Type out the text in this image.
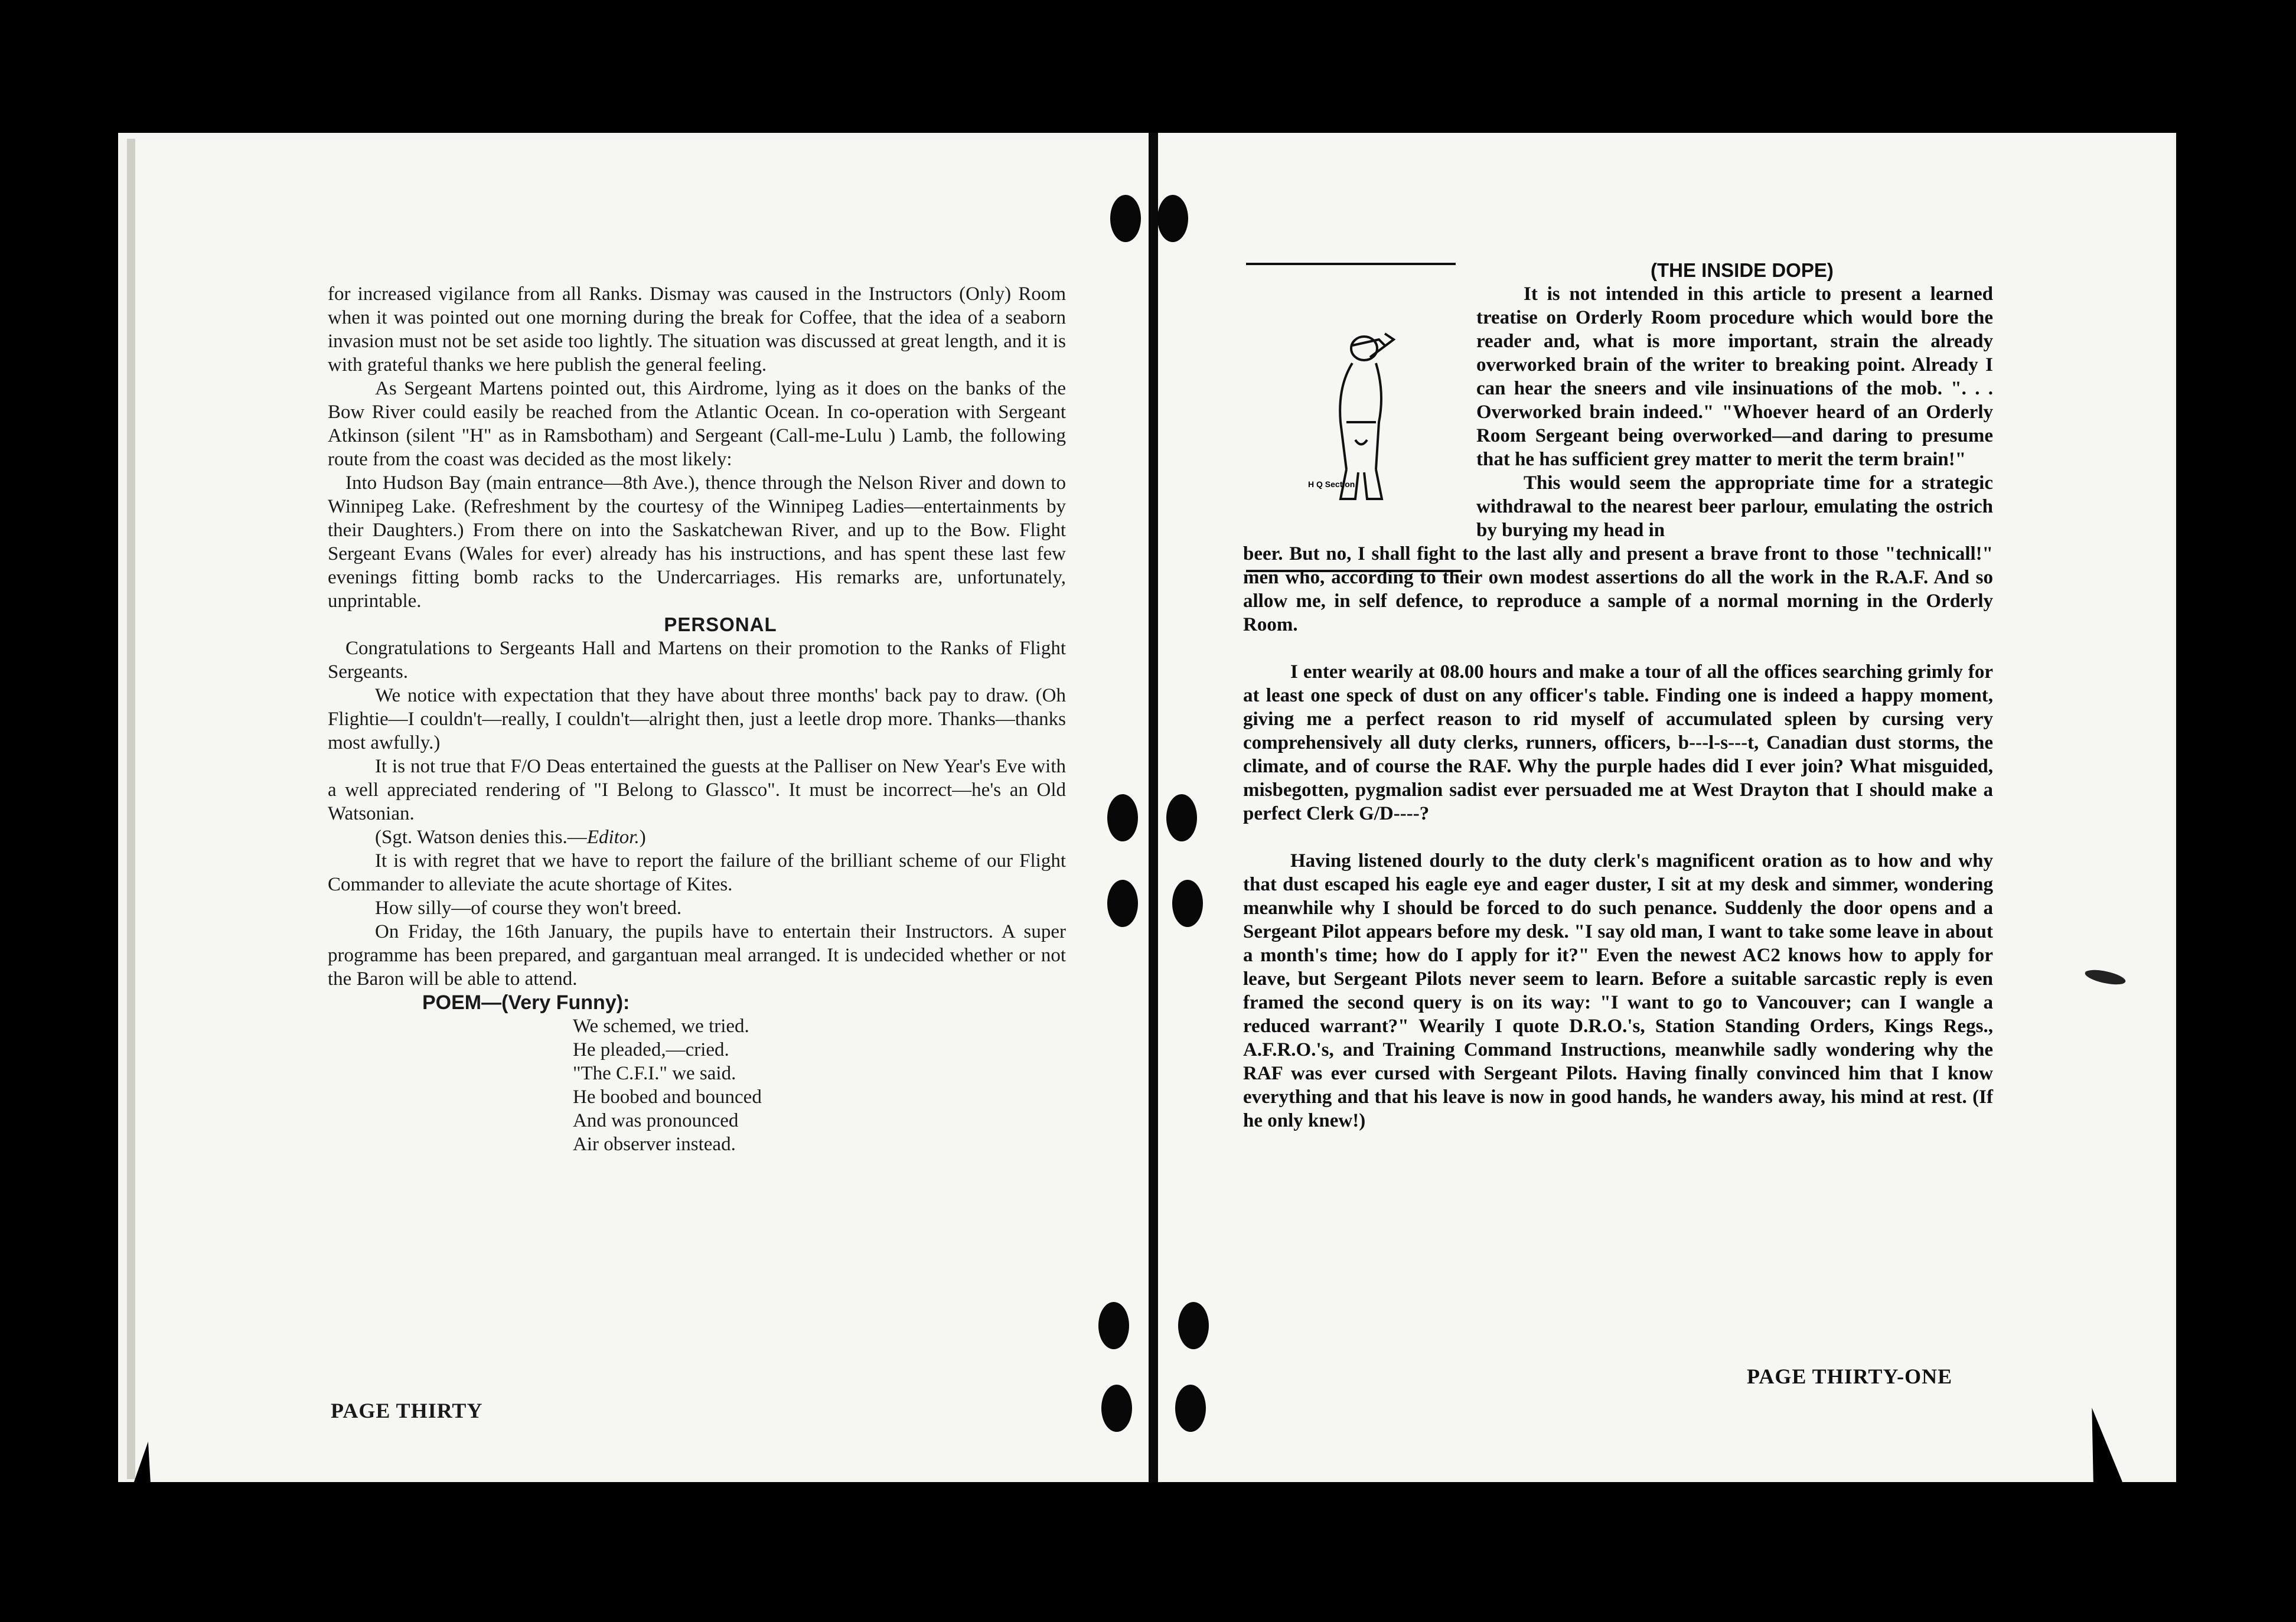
for increased vigilance from all Ranks. Dismay was caused in the Instructors (Only) Room when it was pointed out one morning during the break for Coffee, that the idea of a seaborn invasion must not be set aside too lightly. The situation was discussed at great length, and it is with grateful thanks we here publish the general feeling.

As Sergeant Martens pointed out, this Airdrome, lying as it does on the banks of the Bow River could easily be reached from the Atlantic Ocean. In co-operation with Sergeant Atkinson (silent "H" as in Ramsbotham) and Sergeant (Call-me-Lulu ) Lamb, the following route from the coast was decided as the most likely:

Into Hudson Bay (main entrance—8th Ave.), thence through the Nelson River and down to Winnipeg Lake. (Refreshment by the courtesy of the Winnipeg Ladies—entertainments by their Daughters.) From there on into the Saskatchewan River, and up to the Bow. Flight Sergeant Evans (Wales for ever) already has his instructions, and has spent these last few evenings fitting bomb racks to the Undercarriages. His remarks are, unfortunately, unprintable.

PERSONAL

Congratulations to Sergeants Hall and Martens on their promotion to the Ranks of Flight Sergeants.

We notice with expectation that they have about three months' back pay to draw. (Oh Flightie—I couldn't—really, I couldn't—alright then, just a leetle drop more. Thanks—thanks most awfully.)

It is not true that F/O Deas entertained the guests at the Palliser on New Year's Eve with a well appreciated rendering of "I Belong to Glassco". It must be incorrect—he's an Old Watsonian.

(Sgt. Watson denies this.—Editor.)

It is with regret that we have to report the failure of the brilliant scheme of our Flight Commander to alleviate the acute shortage of Kites.

How silly—of course they won't breed.

On Friday, the 16th January, the pupils have to entertain their Instructors. A super programme has been prepared, and gargantuan meal arranged. It is undecided whether or not the Baron will be able to attend.

POEM—(Very Funny):

We schemed, we tried.
He pleaded,—cried.
"The C.F.I." we said.
He boobed and bounced
And was pronounced
Air observer instead.
PAGE THIRTY
H Q Section

(THE INSIDE DOPE)

It is not intended in this article to present a learned treatise on Orderly Room procedure which would bore the reader and, what is more important, strain the already overworked brain of the writer to breaking point. Already I can hear the sneers and vile insinuations of the mob. ". . . Overworked brain indeed." "Whoever heard of an Orderly Room Sergeant being overworked—and daring to presume that he has sufficient grey matter to merit the term brain!"

This would seem the appropriate time for a strategic withdrawal to the nearest beer parlour, emulating the ostrich by burying my head in

beer. But no, I shall fight to the last ally and present a brave front to those "technicall!" men who, according to their own modest assertions do all the work in the R.A.F. And so allow me, in self defence, to reproduce a sample of a normal morning in the Orderly Room.

I enter wearily at 08.00 hours and make a tour of all the offices searching grimly for at least one speck of dust on any officer's table. Finding one is indeed a happy moment, giving me a perfect reason to rid myself of accumulated spleen by cursing very comprehensively all duty clerks, runners, officers, b---l-s---t, Canadian dust storms, the climate, and of course the RAF. Why the purple hades did I ever join? What misguided, misbegotten, pygmalion sadist ever persuaded me at West Drayton that I should make a perfect Clerk G/D----?

Having listened dourly to the duty clerk's magnificent oration as to how and why that dust escaped his eagle eye and eager duster, I sit at my desk and simmer, wondering meanwhile why I should be forced to do such penance. Suddenly the door opens and a Sergeant Pilot appears before my desk. "I say old man, I want to take some leave in about a month's time; how do I apply for it?" Even the newest AC2 knows how to apply for leave, but Sergeant Pilots never seem to learn. Before a suitable sarcastic reply is even framed the second query is on its way: "I want to go to Vancouver; can I wangle a reduced warrant?" Wearily I quote D.R.O.'s, Station Standing Orders, Kings Regs., A.F.R.O.'s, and Training Command Instructions, meanwhile sadly wondering why the RAF was ever cursed with Sergeant Pilots. Having finally convinced him that I know everything and that his leave is now in good hands, he wanders away, his mind at rest. (If he only knew!)

PAGE THIRTY-ONE
